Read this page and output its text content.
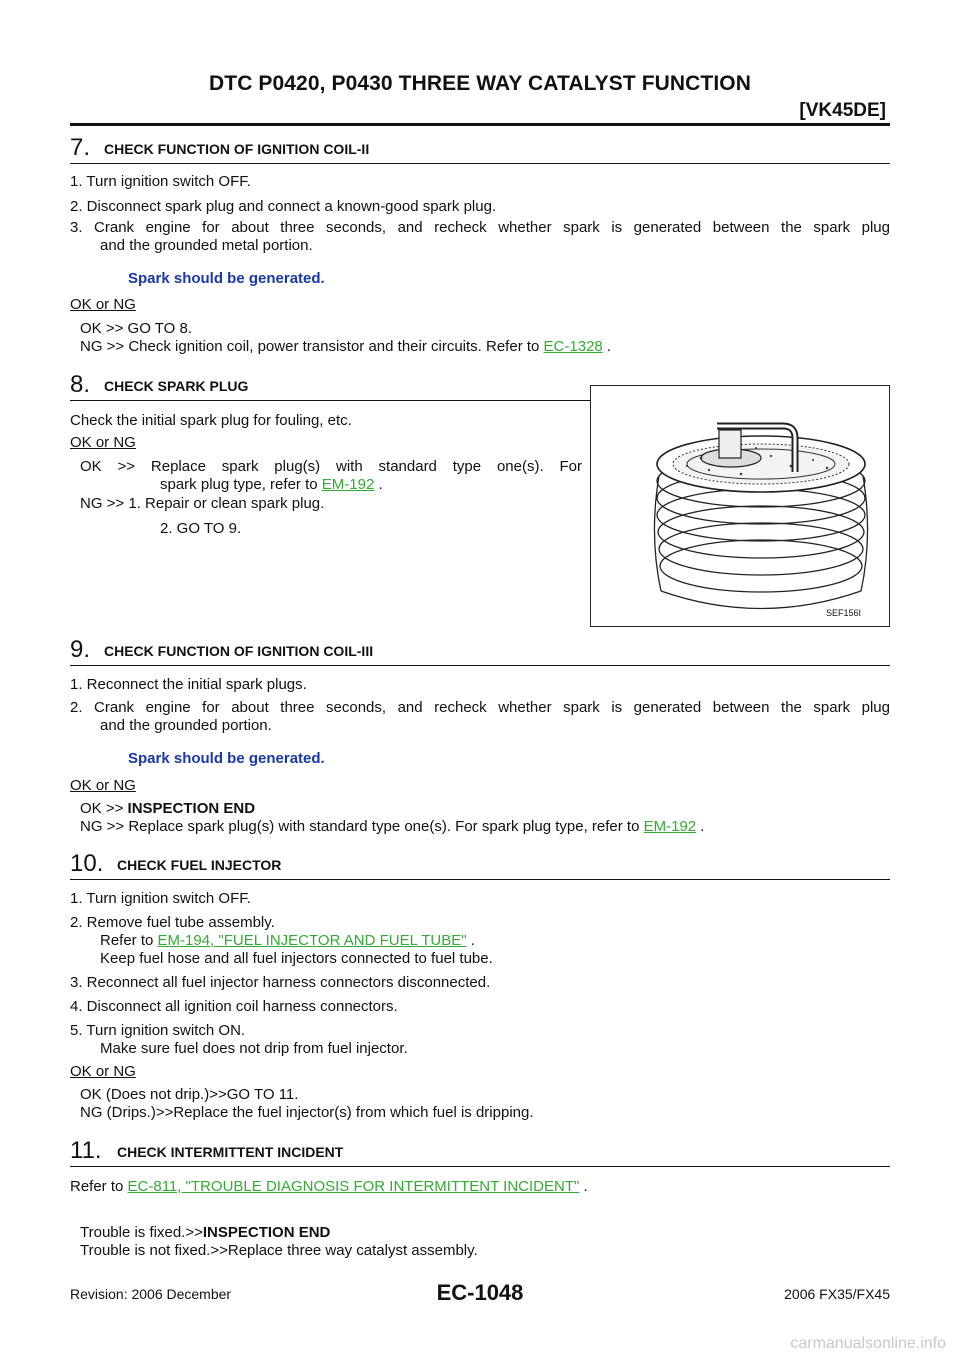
DTC P0420, P0430 THREE WAY CATALYST FUNCTION
[VK45DE]
7. CHECK FUNCTION OF IGNITION COIL-II
1. Turn ignition switch OFF.
2. Disconnect spark plug and connect a known-good spark plug.
3. Crank engine for about three seconds, and recheck whether spark is generated between the spark plug
and the grounded metal portion.
Spark should be generated.
OK or NG
OK >> GO TO 8.
NG >> Check ignition coil, power transistor and their circuits. Refer to EC-1328 .
8. CHECK SPARK PLUG
Check the initial spark plug for fouling, etc.
OK or NG
OK >> Replace spark plug(s) with standard type one(s). For
spark plug type, refer to EM-192 .
NG >> 1. Repair or clean spark plug.
2. GO TO 9.
SEF156I
9. CHECK FUNCTION OF IGNITION COIL-III
1. Reconnect the initial spark plugs.
2. Crank engine for about three seconds, and recheck whether spark is generated between the spark plug
and the grounded portion.
Spark should be generated.
OK or NG
OK >> INSPECTION END
NG >> Replace spark plug(s) with standard type one(s). For spark plug type, refer to EM-192 .
10. CHECK FUEL INJECTOR
1. Turn ignition switch OFF.
2. Remove fuel tube assembly.
Refer to EM-194, "FUEL INJECTOR AND FUEL TUBE" .
Keep fuel hose and all fuel injectors connected to fuel tube.
3. Reconnect all fuel injector harness connectors disconnected.
4. Disconnect all ignition coil harness connectors.
5. Turn ignition switch ON.
Make sure fuel does not drip from fuel injector.
OK or NG
OK (Does not drip.)>>GO TO 11.
NG (Drips.)>>Replace the fuel injector(s) from which fuel is dripping.
11. CHECK INTERMITTENT INCIDENT
Refer to EC-811, "TROUBLE DIAGNOSIS FOR INTERMITTENT INCIDENT" .
Trouble is fixed.>>INSPECTION END
Trouble is not fixed.>>Replace three way catalyst assembly.
EC-1048
Revision: 2006 December	2006 FX35/FX45
carmanualsonline.info
